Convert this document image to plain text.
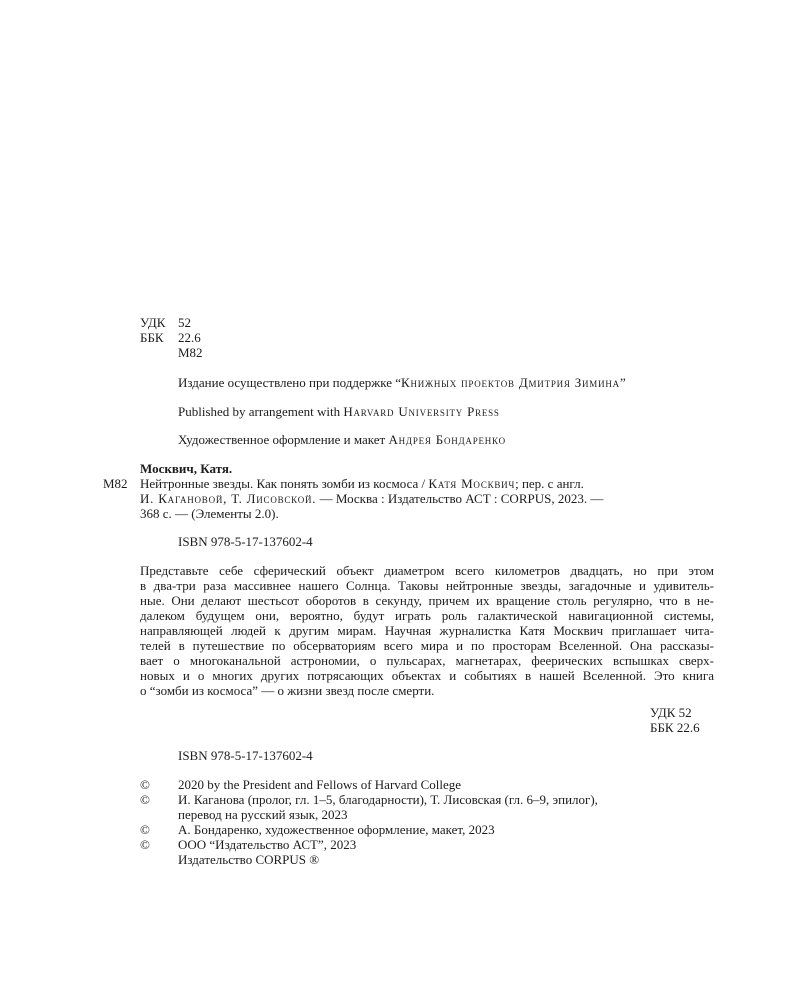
УДК 52
ББК 22.6
М82
Издание осуществлено при поддержке “Книжных проектов Дмитрия Зимина”
Published by arrangement with Harvard University Press
Художественное оформление и макет Андрея Бондаренко
Москвич, Катя.
М82 Нейтронные звезды. Как понять зомби из космоса / Катя Москвич; пер. с англ.
И. Кагановой, Т. Лисовской. — Москва : Издательство АСТ : CORPUS, 2023. —
368 с. — (Элементы 2.0).
ISBN 978-5-17-137602-4
Представьте себе сферический объект диаметром всего километров двадцать, но при этом
в два-три раза массивнее нашего Солнца. Таковы нейтронные звезды, загадочные и удивитель-
ные. Они делают шестьсот оборотов в секунду, причем их вращение столь регулярно, что в не-
далеком будущем они, вероятно, будут играть роль галактической навигационной системы,
направляющей людей к другим мирам. Научная журналистка Катя Москвич приглашает чита-
телей в путешествие по обсерваториям всего мира и по просторам Вселенной. Она рассказы-
вает о многоканальной астрономии, о пульсарах, магнетарах, феерических вспышках сверх-
новых и о многих других потрясающих объектах и событиях в нашей Вселенной. Это книга
о “зомби из космоса” — о жизни звезд после смерти.
УДК 52
ББК 22.6
ISBN 978-5-17-137602-4
© 2020 by the President and Fellows of Harvard College
© И. Каганова (пролог, гл. 1–5, благодарности), Т. Лисовская (гл. 6–9, эпилог),
перевод на русский язык, 2023
© А. Бондаренко, художественное оформление, макет, 2023
© ООО “Издательство АСТ”, 2023
Издательство CORPUS ®
